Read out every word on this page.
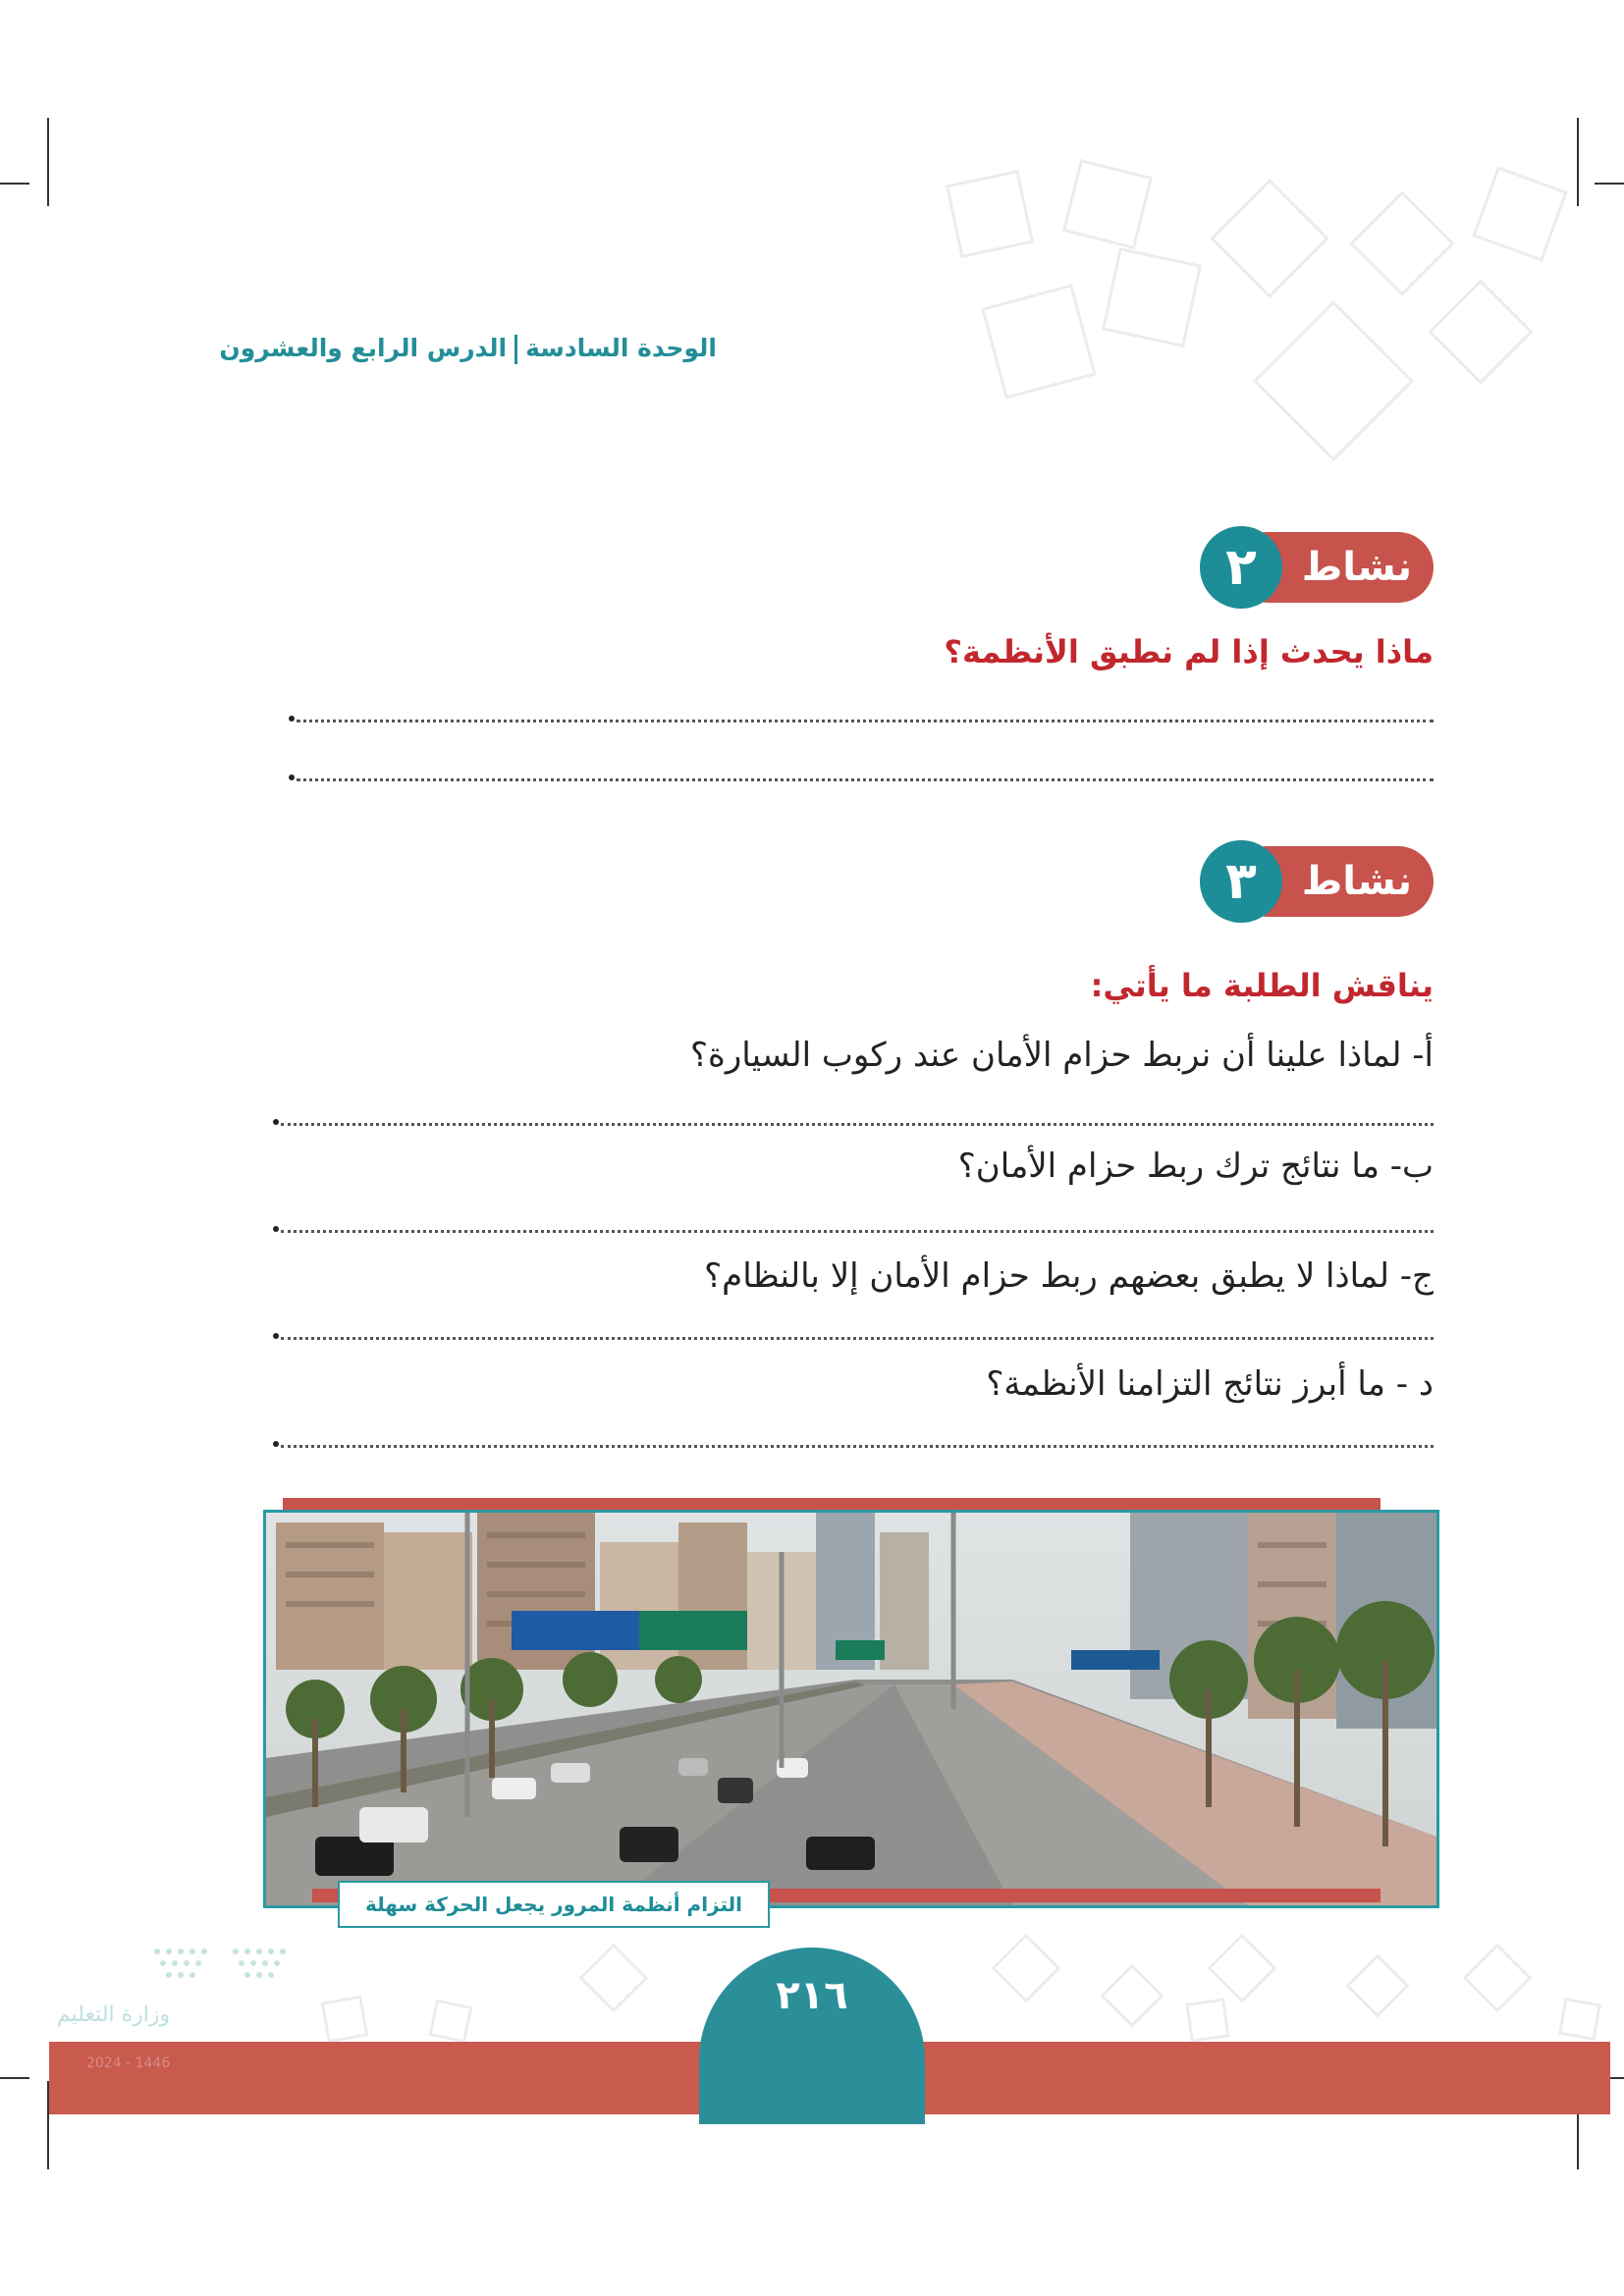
الوحدة السادسةالدرس الرابع والعشرون
نشاط
٢
ماذا يحدث إذا لم نطبق الأنظمة؟
نشاط
٣
يناقش الطلبة ما يأتي:
أ- لماذا علينا أن نربط حزام الأمان عند ركوب السيارة؟
ب- ما نتائج ترك ربط حزام الأمان؟
ج- لماذا لا يطبق بعضهم ربط حزام الأمان إلا بالنظام؟
د - ما أبرز نتائج التزامنا الأنظمة؟
التزام أنظمة المرور يجعل الحركة سهلة
وزارة التعليم
2024 - 1446
٢١٦
